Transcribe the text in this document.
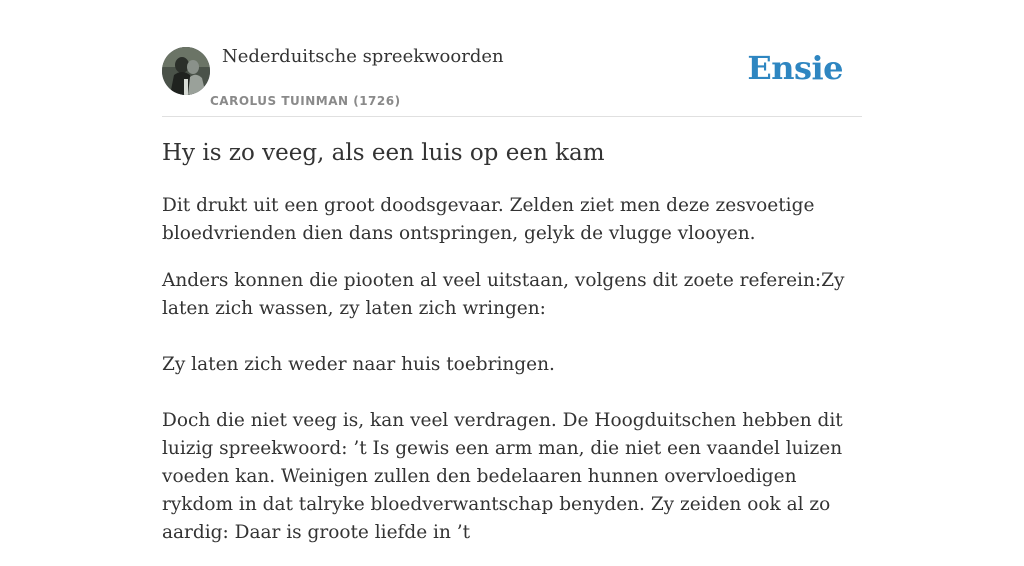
Nederduitsche spreekwoorden
CAROLUS TUINMAN (1726)
Ensie
Hy is zo veeg, als een luis op een kam

Dit drukt uit een groot doodsgevaar. Zelden ziet men deze zesvoetige bloedvrienden dien dans ontspringen, gelyk de vlugge vlooyen.

Anders konnen die piooten al veel uitstaan, volgens dit zoete referein:Zy laten zich wassen, zy laten zich wringen:

Zy laten zich weder naar huis toebringen.

Doch die niet veeg is, kan veel verdragen. De Hoogduitschen hebben dit luizig spreekwoord: ’t Is gewis een arm man, die niet een vaandel luizen voeden kan. Weinigen zullen den bedelaaren hunnen overvloedigen rykdom in dat talryke bloedverwantschap benyden. Zy zeiden ook al zo aardig: Daar is groote liefde in ’t
